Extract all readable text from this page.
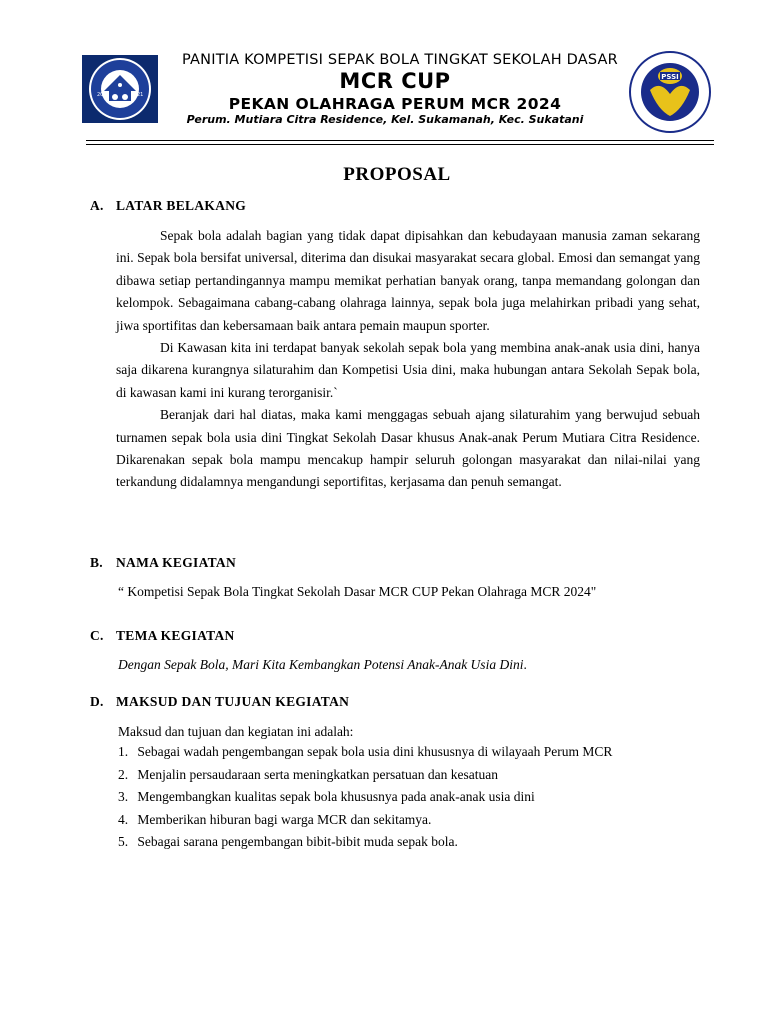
20	21
PSSI
PANITIA KOMPETISI SEPAK BOLA TINGKAT SEKOLAH DASAR
MCR CUP
PEKAN OLAHRAGA PERUM MCR 2024
Perum. Mutiara Citra Residence, Kel. Sukamanah, Kec. Sukatani
PROPOSAL
A. LATAR BELAKANG

Sepak bola adalah bagian yang tidak dapat dipisahkan dan kebudayaan manusia zaman sekarang ini. Sepak bola bersifat universal, diterima dan disukai masyarakat secara global. Emosi dan semangat yang dibawa setiap pertandingannya mampu memikat perhatian banyak orang, tanpa memandang golongan dan kelompok. Sebagaimana cabang-cabang olahraga lainnya, sepak bola juga melahirkan pribadi yang sehat, jiwa sportifitas dan kebersamaan baik antara pemain maupun sporter.

Di Kawasan kita ini terdapat banyak sekolah sepak bola yang membina anak-anak usia dini, hanya saja dikarena kurangnya silaturahim dan Kompetisi Usia dini, maka hubungan antara Sekolah Sepak bola, di kawasan kami ini kurang terorganisir.`

Beranjak dari hal diatas, maka kami menggagas sebuah ajang silaturahim yang berwujud sebuah turnamen sepak bola usia dini Tingkat Sekolah Dasar khusus Anak-anak Perum Mutiara Citra Residence. Dikarenakan sepak bola mampu mencakup hampir seluruh golongan masyarakat dan nilai-nilai yang terkandung didalamnya mengandungi seportifitas, kerjasama dan penuh semangat.

B. NAMA KEGIATAN
“ Kompetisi Sepak Bola Tingkat Sekolah Dasar MCR CUP Pekan Olahraga MCR 2024"
C. TEMA KEGIATAN
Dengan Sepak Bola, Mari Kita Kembangkan Potensi Anak-Anak Usia Dini.
D. MAKSUD DAN TUJUAN KEGIATAN
Maksud dan tujuan dan kegiatan ini adalah:
1. Sebagai wadah pengembangan sepak bola usia dini khususnya di wilayaah Perum MCR
2. Menjalin persaudaraan serta meningkatkan persatuan dan kesatuan
3. Mengembangkan kualitas sepak bola khususnya pada anak-anak usia dini
4. Memberikan hiburan bagi warga MCR dan sekitamya.
5. Sebagai sarana pengembangan bibit-bibit muda sepak bola.
